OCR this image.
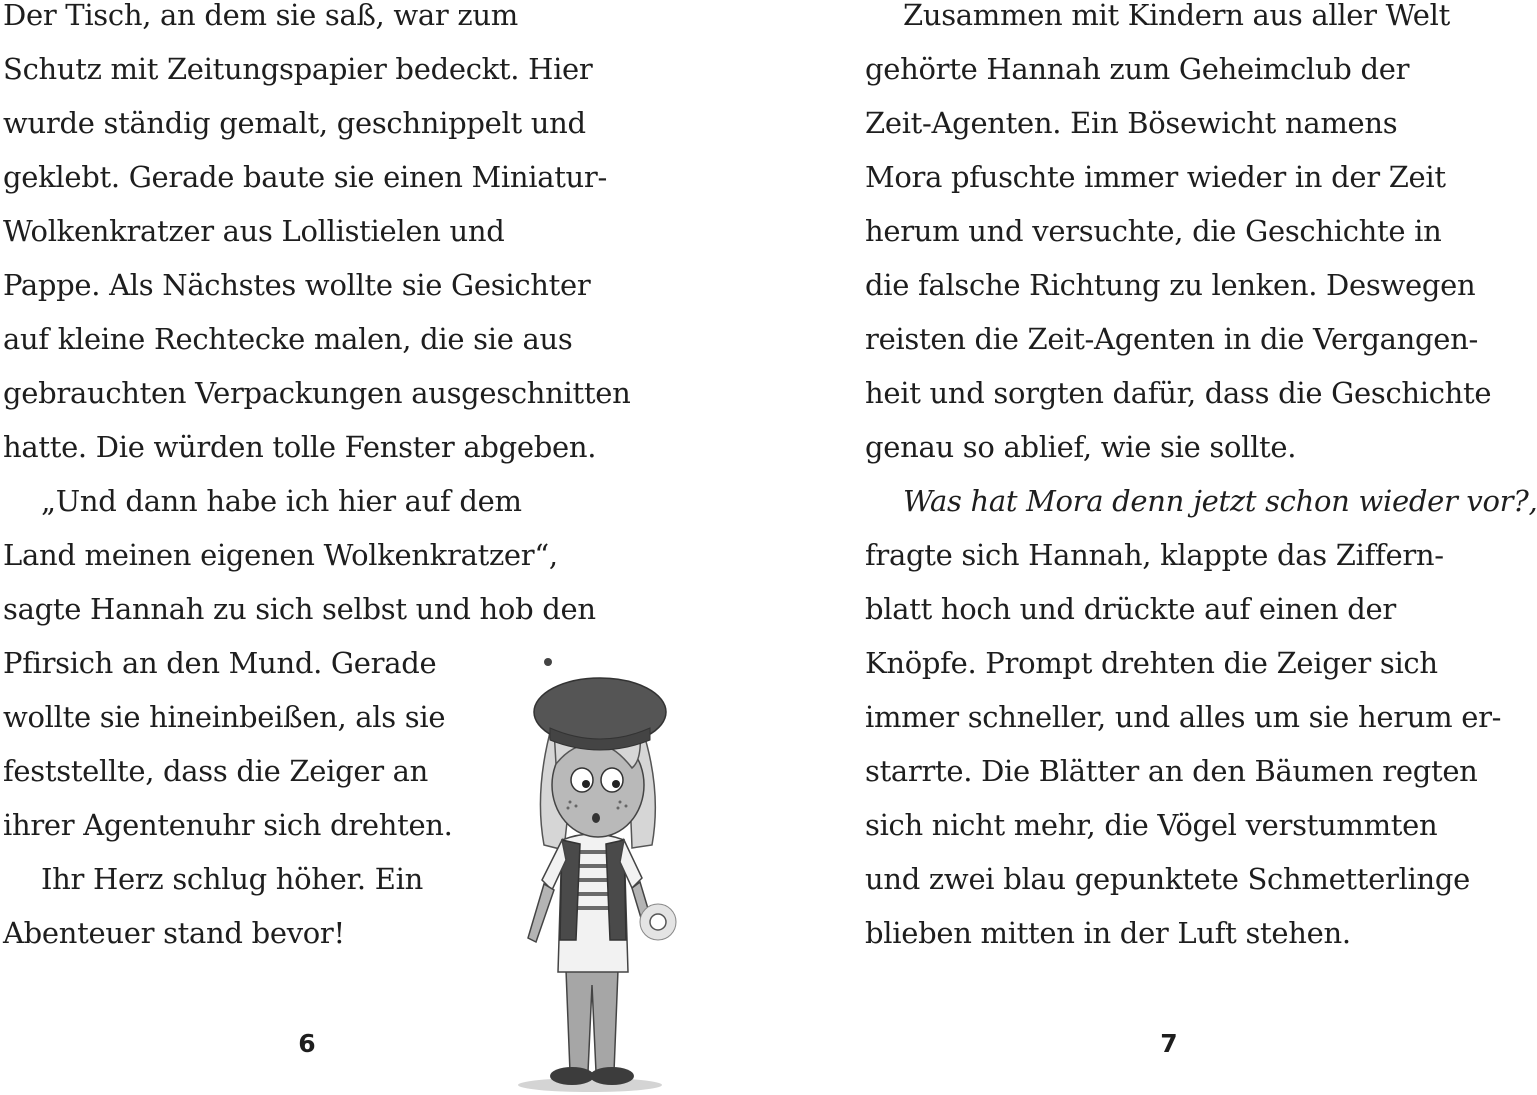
Der Tisch, an dem sie saß, war zum

Schutz mit Zeitungspapier bedeckt. Hier

wurde ständig gemalt, geschnippelt und

geklebt. Gerade baute sie einen Miniatur-

Wolkenkratzer aus Lollistielen und

Pappe. Als Nächstes wollte sie Gesichter

auf kleine Rechtecke malen, die sie aus

gebrauchten Verpackungen ausgeschnitten

hatte. Die würden tolle Fenster abgeben.

„Und dann habe ich hier auf dem

Land meinen eigenen Wolkenkratzer“,

sagte Hannah zu sich selbst und hob den

Pfirsich an den Mund. Gerade

wollte sie hineinbeißen, als sie

feststellte, dass die Zeiger an

ihrer Agentenuhr sich drehten.

Ihr Herz schlug höher. Ein

Abenteuer stand bevor!

6

Zusammen mit Kindern aus aller Welt

gehörte Hannah zum Geheimclub der

Zeit-Agenten. Ein Bösewicht namens

Mora pfuschte immer wieder in der Zeit

herum und versuchte, die Geschichte in

die falsche Richtung zu lenken. Deswegen

reisten die Zeit-Agenten in die Vergangen-

heit und sorgten dafür, dass die Geschichte

genau so ablief, wie sie sollte.

Was hat Mora denn jetzt schon wieder vor?,

fragte sich Hannah, klappte das Ziffern-

blatt hoch und drückte auf einen der

Knöpfe. Prompt drehten die Zeiger sich

immer schneller, und alles um sie herum er-

starrte. Die Blätter an den Bäumen regten

sich nicht mehr, die Vögel verstummten

und zwei blau gepunktete Schmetterlinge

blieben mitten in der Luft stehen.

7
